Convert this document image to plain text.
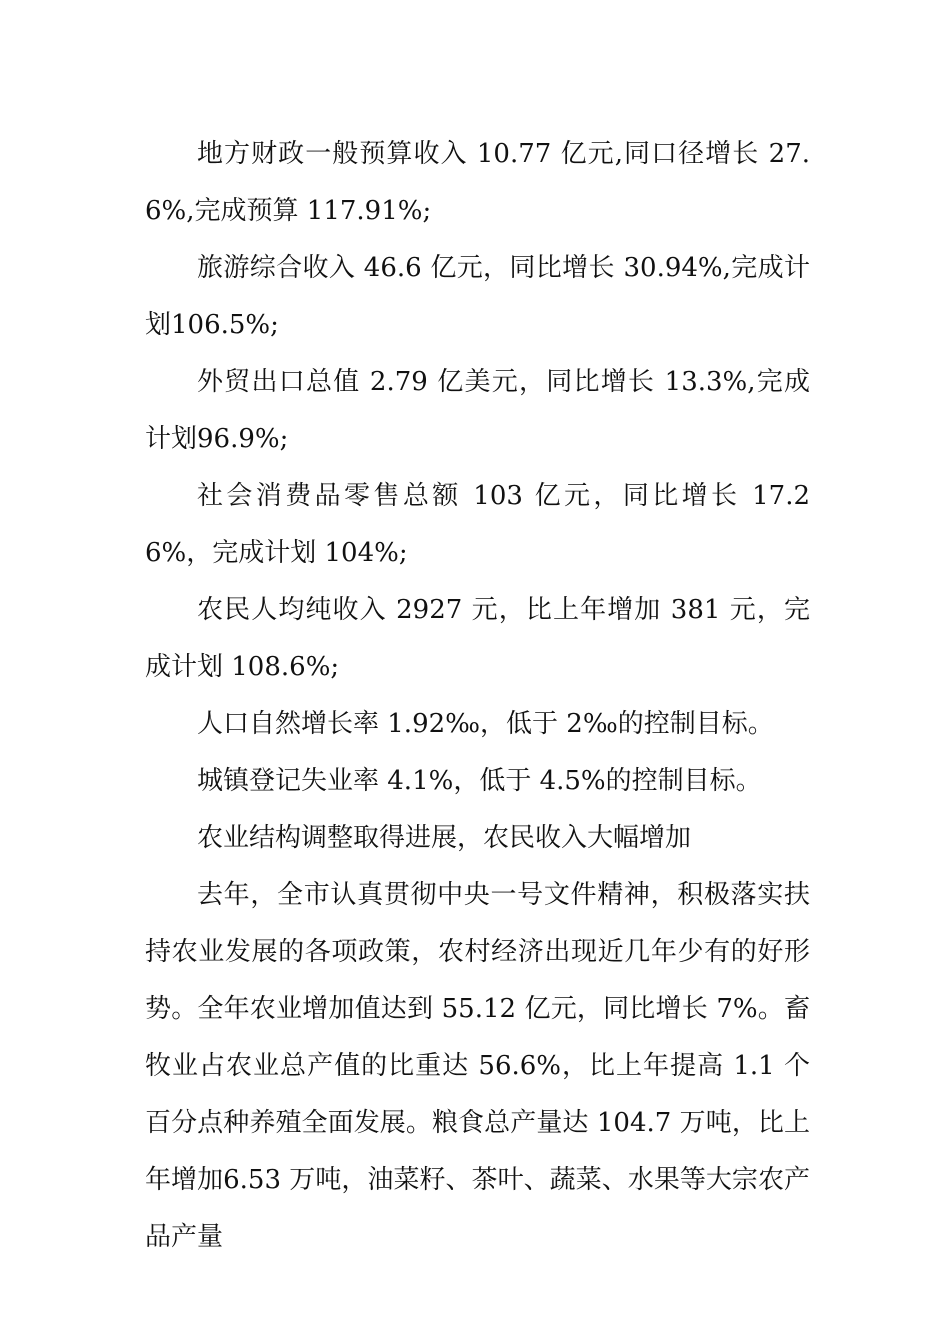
地方财政一般预算收入 10.77 亿元,同口径增长 27.6%,完成预算 117.91%;

旅游综合收入 46.6 亿元，同比增长 30.94%,完成计划106.5%;

外贸出口总值 2.79 亿美元，同比增长 13.3%,完成计划96.9%;

社会消费品零售总额 103 亿元，同比增长 17.26%，完成计划 104%;

农民人均纯收入 2927 元，比上年增加 381 元，完成计划 108.6%;

人口自然增长率 1.92‰，低于 2‰的控制目标。

城镇登记失业率 4.1%，低于 4.5%的控制目标。

农业结构调整取得进展，农民收入大幅增加

去年，全市认真贯彻中央一号文件精神，积极落实扶持农业发展的各项政策，农村经济出现近几年少有的好形势。全年农业增加值达到 55.12 亿元，同比增长 7%。畜牧业占农业总产值的比重达 56.6%，比上年提高 1.1 个百分点种养殖全面发展。粮食总产量达 104.7 万吨，比上年增加6.53 万吨，油菜籽、茶叶、蔬菜、水果等大宗农产品产量
